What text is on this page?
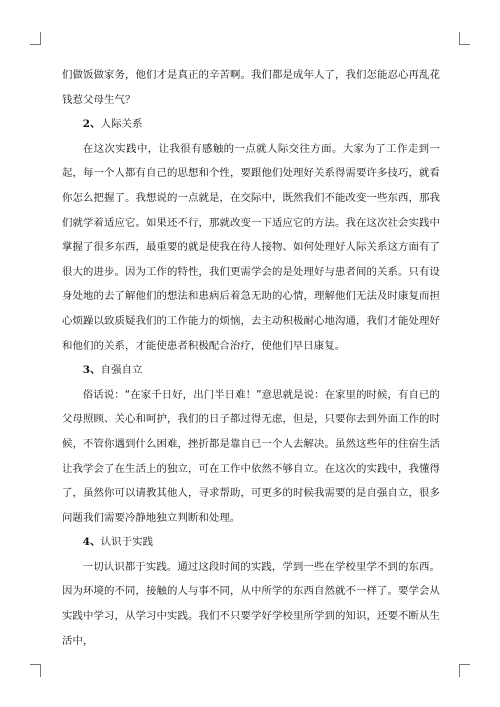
们做饭做家务，他们才是真正的辛苦啊。我们都是成年人了，我们怎能忍心再乱花钱惹父母生气？

2、人际关系

在这次实践中，让我很有感触的一点就人际交往方面。大家为了工作走到一起，每一个人都有自己的思想和个性，要跟他们处理好关系得需要许多技巧，就看你怎么把握了。我想说的一点就是，在交际中，既然我们不能改变一些东西，那我们就学着适应它。如果还不行，那就改变一下适应它的方法。我在这次社会实践中掌握了很多东西，最重要的就是使我在待人接物、如何处理好人际关系这方面有了很大的进步。因为工作的特性，我们更需学会的是处理好与患者间的关系。只有设身处地的去了解他们的想法和患病后着急无助的心情，理解他们无法及时康复而担心烦躁以致质疑我们的工作能力的烦恼，去主动积极耐心地沟通，我们才能处理好和他们的关系，才能使患者积极配合治疗，使他们早日康复。

3、自强自立

俗话说：“在家千日好，出门半日难！”意思就是说：在家里的时候，有自已的父母照顾、关心和呵护，我们的日子都过得无虑，但是，只要你去到外面工作的时候，不管你遇到什么困难，挫折都是靠自已一个人去解决。虽然这些年的住宿生活让我学会了在生活上的独立，可在工作中依然不够自立。在这次的实践中，我懂得了，虽然你可以请教其他人，寻求帮助，可更多的时候我需要的是自强自立，很多问题我们需要冷静地独立判断和处理。

4、认识于实践

一切认识都于实践。通过这段时间的实践，学到一些在学校里学不到的东西。因为环境的不同，接触的人与事不同，从中所学的东西自然就不一样了。要学会从实践中学习，从学习中实践。我们不只要学好学校里所学到的知识，还要不断从生活中，
